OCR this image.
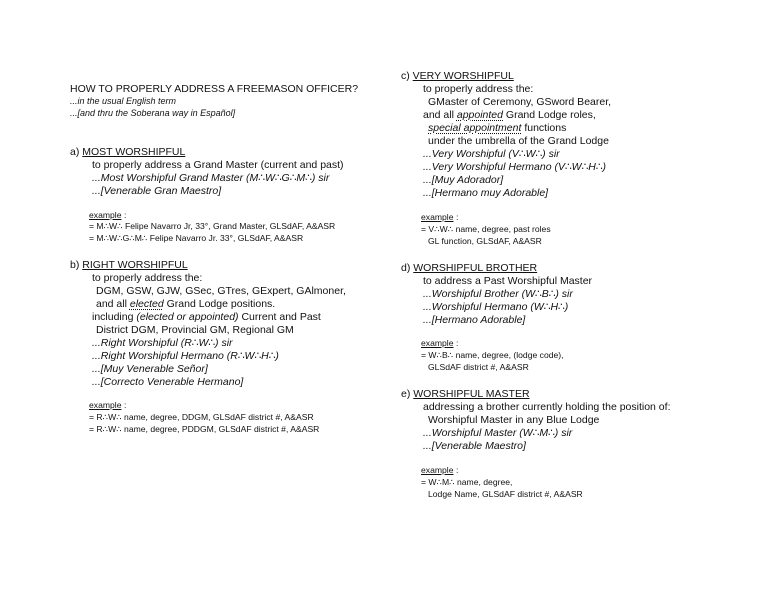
HOW TO PROPERLY ADDRESS A FREEMASON OFFICER?
...in the usual English term
...[and thru the Soberana way in Español]
a) MOST WORSHIPFUL
to properly address a Grand Master (current and past)
...Most Worshipful Grand Master (M∴W∴G∴M∴) sir
...[Venerable Gran Maestro]
example :
= M∴W∴ Felipe Navarro Jr, 33°, Grand Master, GLSdAF, A&ASR
= M∴W∴G∴M∴ Felipe Navarro Jr. 33°, GLSdAF, A&ASR
b) RIGHT WORSHIPFUL
to properly address the:
DGM, GSW, GJW, GSec, GTres, GExpert, GAlmoner,
and all elected Grand Lodge positions.
including (elected or appointed) Current and Past
District DGM, Provincial GM, Regional GM
...Right Worshipful (R∴W∴) sir
...Right Worshipful Hermano (R∴W∴H∴)
...[Muy Venerable Señor]
...[Correcto Venerable Hermano]
example :
= R∴W∴ name, degree, DDGM, GLSdAF district #, A&ASR
= R∴W∴ name, degree, PDDGM, GLSdAF district #, A&ASR
c) VERY WORSHIPFUL
to properly address the:
GMaster of Ceremony, GSword Bearer,
and all appointed Grand Lodge roles,
special appointment functions
under the umbrella of the Grand Lodge
...Very Worshipful (V∴W∴) sir
...Very Worshipful Hermano (V∴W∴H∴)
...[Muy Adorador]
...[Hermano muy Adorable]
example :
= V∴W∴ name, degree, past roles
GL function, GLSdAF, A&ASR
d) WORSHIPFUL BROTHER
to address a Past Worshipful Master
...Worshipful Brother (W∴B∴) sir
...Worshipful Hermano (W∴H∴)
...[Hermano Adorable]
example :
= W∴B∴ name, degree, (lodge code),
GLSdAF district #, A&ASR
e) WORSHIPFUL MASTER
addressing a brother currently holding the position of:
Worshipful Master in any Blue Lodge
...Worshipful Master (W∴M∴) sir
...[Venerable Maestro]
example :
= W∴M∴ name, degree,
Lodge Name, GLSdAF district #, A&ASR
